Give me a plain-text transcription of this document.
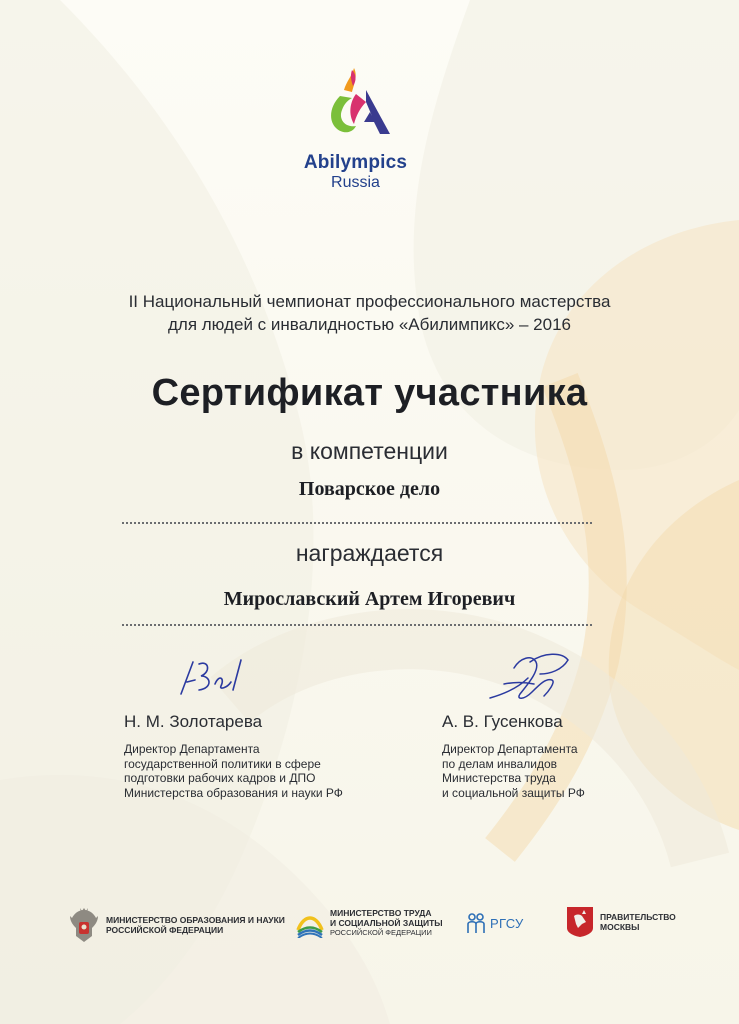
Abilympics
Russia
II Национальный чемпионат профессионального мастерства
для людей с инвалидностью «Абилимпикс» – 2016
Сертификат участника
в компетенции
Поварское дело
награждается
Мирославский Артем Игоревич
Н. М. Золотарева
Директор Департамента
государственной политики в сфере
подготовки рабочих кадров и ДПО
Министерства образования и науки РФ
А. В. Гусенкова
Директор Департамента
по делам инвалидов
Министерства труда
и социальной защиты РФ
МИНИСТЕРСТВО ОБРАЗОВАНИЯ И НАУКИ
РОССИЙСКОЙ ФЕДЕРАЦИИ
МИНИСТЕРСТВО ТРУДА
И СОЦИАЛЬНОЙ ЗАЩИТЫ
РОССИЙСКОЙ ФЕДЕРАЦИИ
РГСУ	ПРАВИТЕЛЬСТВО
МОСКВЫ
